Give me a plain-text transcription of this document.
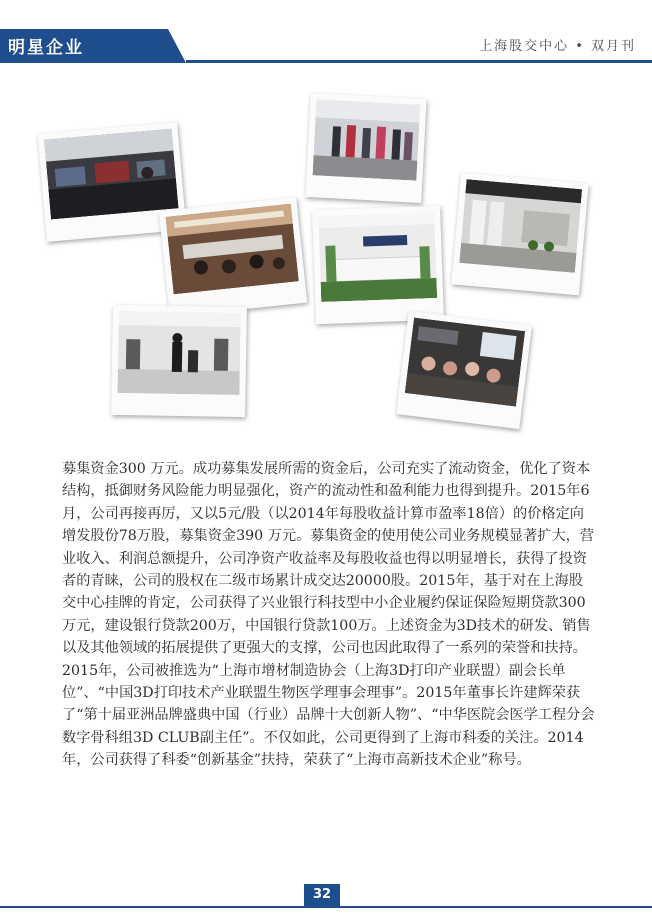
明星企业	上海股交中心 • 双月刊

募集资金300 万元。成功募集发展所需的资金后，公司充实了流动资金，优化了资本结构，抵御财务风险能力明显强化，资产的流动性和盈利能力也得到提升。2015年6月，公司再接再厉，又以5元/股（以2014年每股收益计算市盈率18倍）的价格定向增发股份78万股，募集资金390 万元。募集资金的使用使公司业务规模显著扩大，营业收入、利润总额提升，公司净资产收益率及每股收益也得以明显增长，获得了投资者的青睐，公司的股权在二级市场累计成交达20000股。2015年，基于对在上海股交中心挂牌的肯定，公司获得了兴业银行科技型中小企业履约保证保险短期贷款300万元，建设银行贷款200万，中国银行贷款100万。上述资金为3D技术的研发、销售以及其他领域的拓展提供了更强大的支撑，公司也因此取得了一系列的荣誉和扶持。2015年，公司被推选为“上海市增材制造协会（上海3D打印产业联盟）副会长单位”、“中国3D打印技术产业联盟生物医学理事会理事”。2015年董事长许建辉荣获了“第十届亚洲品牌盛典中国（行业）品牌十大创新人物”、“中华医院会医学工程分会数字骨科组3D CLUB副主任”。不仅如此，公司更得到了上海市科委的关注。2014年，公司获得了科委“创新基金”扶持，荣获了“上海市高新技术企业”称号。

32
